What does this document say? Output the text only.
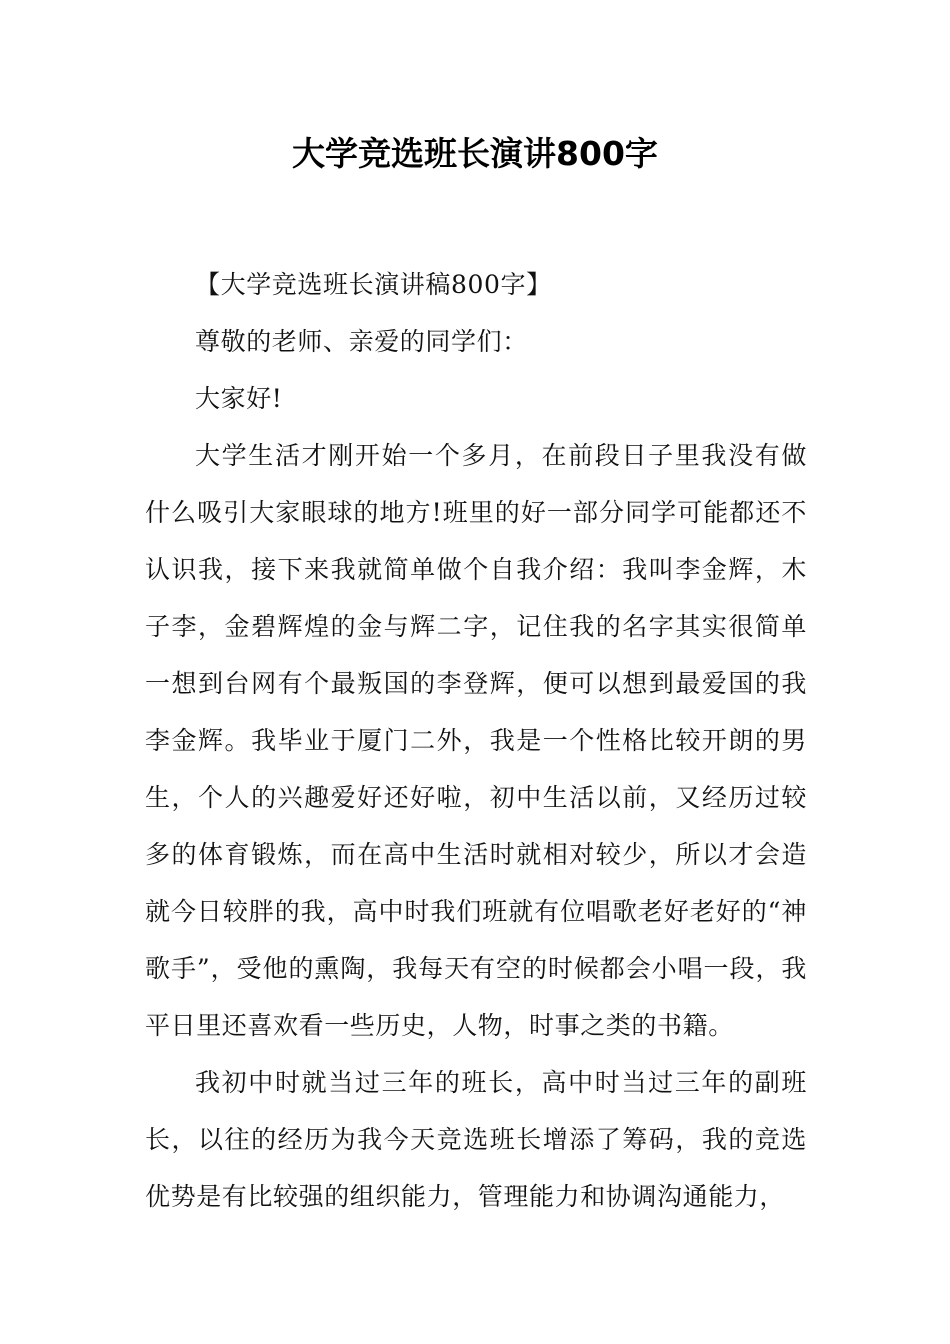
大学竞选班长演讲800字

【大学竞选班长演讲稿800字】

尊敬的老师、亲爱的同学们：

大家好!

大学生活才刚开始一个多月，在前段日子里我没有做什么吸引大家眼球的地方!班里的好一部分同学可能都还不认识我，接下来我就简单做个自我介绍：我叫李金辉，木子李，金碧辉煌的金与辉二字，记住我的名字其实很简单一想到台网有个最叛国的李登辉，便可以想到最爱国的我李金辉。我毕业于厦门二外，我是一个性格比较开朗的男生，个人的兴趣爱好还好啦，初中生活以前，又经历过较多的体育锻炼，而在高中生活时就相对较少，所以才会造就今日较胖的我，高中时我们班就有位唱歌老好老好的“神歌手”，受他的熏陶，我每天有空的时候都会小唱一段，我平日里还喜欢看一些历史，人物，时事之类的书籍。

我初中时就当过三年的班长，高中时当过三年的副班长，以往的经历为我今天竞选班长增添了筹码，我的竞选优势是有比较强的组织能力，管理能力和协调沟通能力，
